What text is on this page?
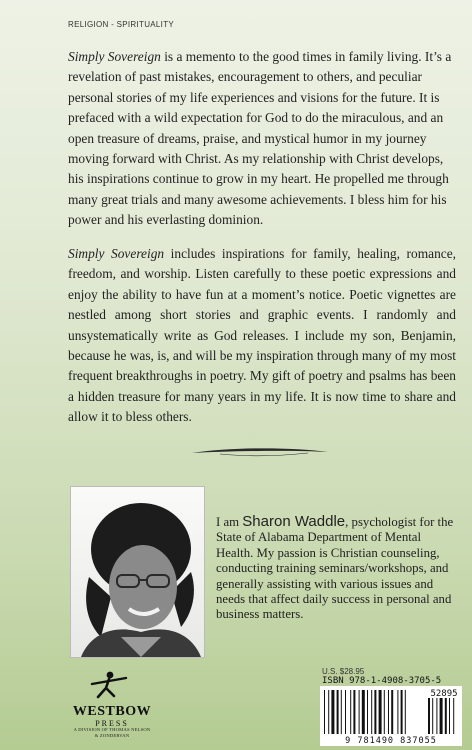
RELIGION - SPIRITUALITY

Simply Sovereign is a memento to the good times in family living. It’s a revelation of past mistakes, encouragement to others, and peculiar personal stories of my life experiences and visions for the future. It is prefaced with a wild expectation for God to do the miraculous, and an open treasure of dreams, praise, and mystical humor in my journey moving forward with Christ. As my relationship with Christ develops, his inspirations continue to grow in my heart. He propelled me through many great trials and many awesome achievements. I bless him for his power and his everlasting dominion.

Simply Sovereign includes inspirations for family, healing, romance, freedom, and worship. Listen carefully to these poetic expressions and enjoy the ability to have fun at a moment’s notice. Poetic vignettes are nestled among short stories and graphic events. I randomly and unsystematically write as God releases. I include my son, Benjamin, because he was, is, and will be my inspiration through many of my most frequent breakthroughs in poetry. My gift of poetry and psalms has been a hidden treasure for many years in my life. It is now time to share and allow it to bless others.

I am Sharon Waddle, psychologist for the State of Alabama Department of Mental Health. My passion is Christian counseling, conducting training seminars/workshops, and generally assisting with various issues and needs that affect daily success in personal and business matters.

U.S. $28.95
ISBN 978-1-4908-3705-5
52895
9 781490 837055
WESTBOW
PRESS
A DIVISION OF THOMAS NELSON
& ZONDERVAN
